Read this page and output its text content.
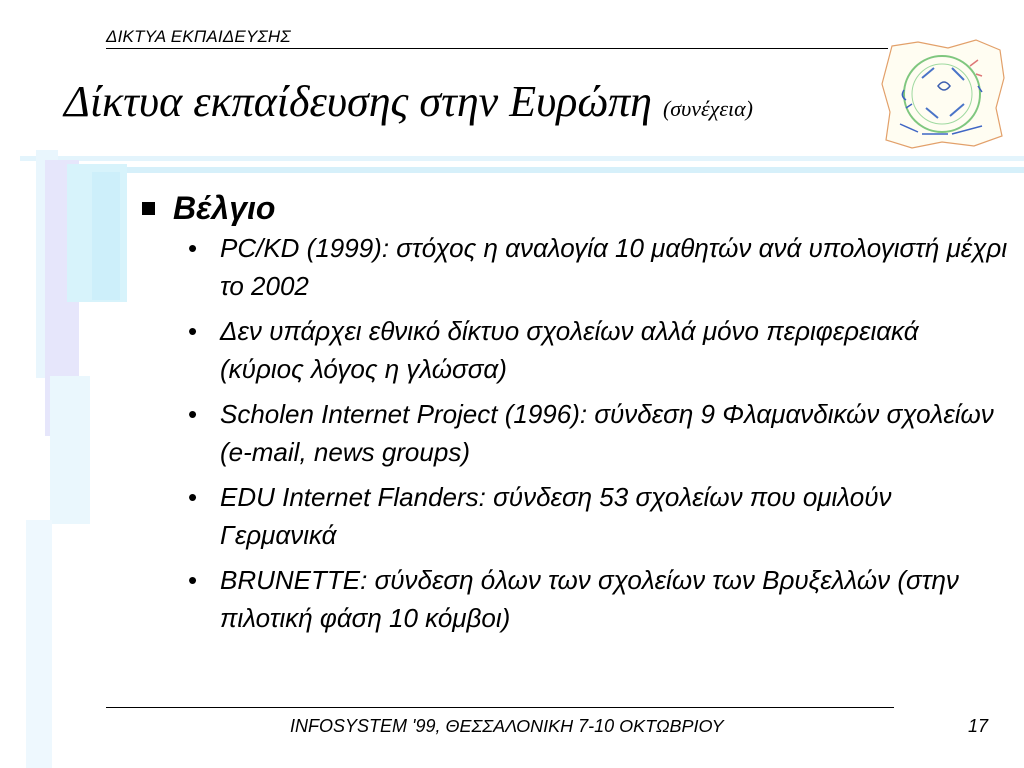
ΔΙΚΤΥΑ ΕΚΠΑΙΔΕΥΣΗΣ
Δίκτυα εκπαίδευσης στην Ευρώπη (συνέχεια)
Βέλγιο
• PC/KD (1999): στόχος η αναλογία 10 μαθητών ανά υπολογιστή μέχρι το 2002
• Δεν υπάρχει εθνικό δίκτυο σχολείων αλλά μόνο περιφερειακά (κύριος λόγος η γλώσσα)
• Scholen Internet Project (1996): σύνδεση 9 Φλαμανδικών σχολείων (e-mail, news groups)
• EDU Internet Flanders: σύνδεση 53 σχολείων που ομιλούν Γερμανικά
• BRUNETTE: σύνδεση όλων των σχολείων των Βρυξελλών (στην πιλοτική φάση 10 κόμβοι)
INFOSYSTEM '99, ΘΕΣΣΑΛΟΝΙΚΗ 7-10 ΟΚΤΩΒΡΙΟΥ	17
